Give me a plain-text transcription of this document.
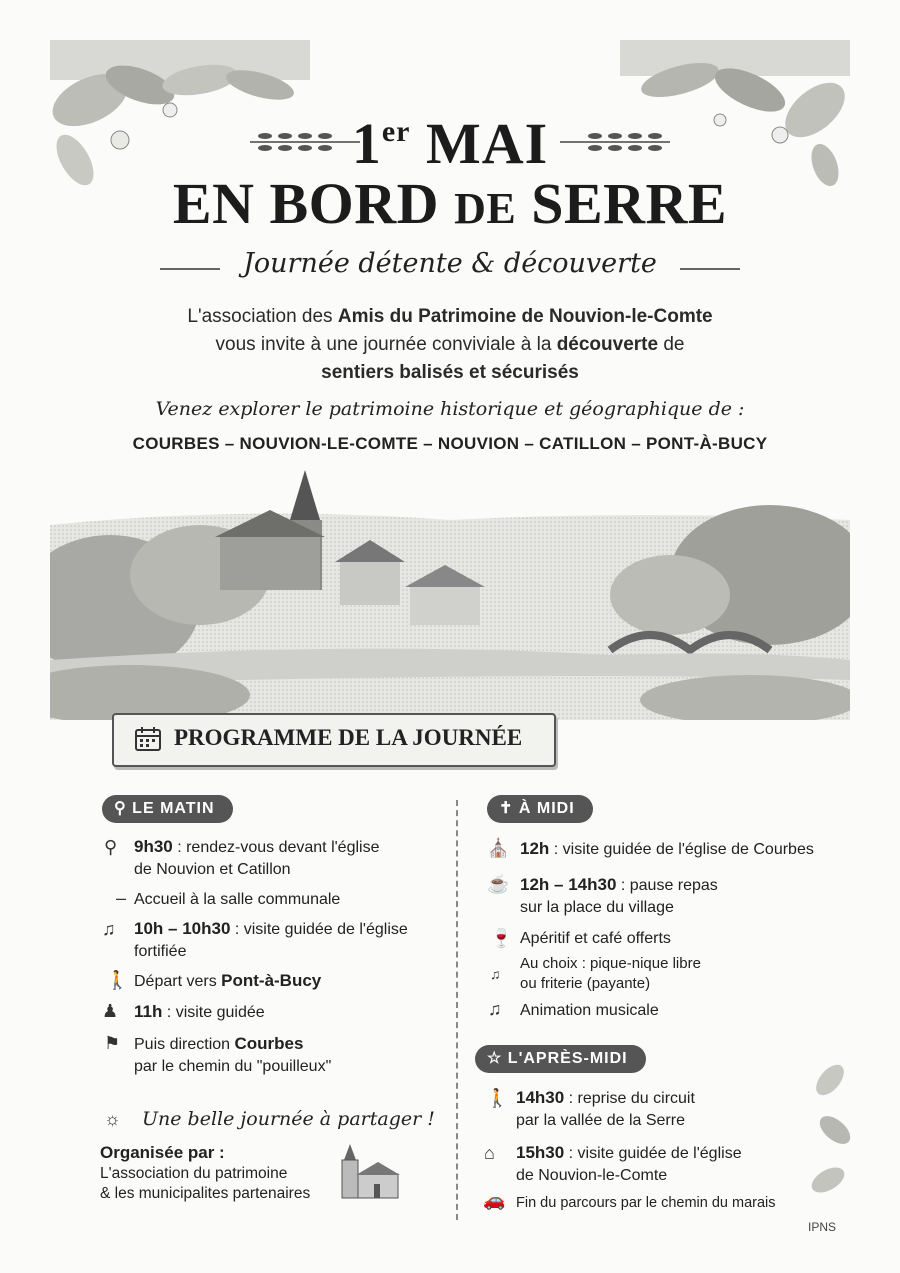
1er MAI
EN BORD DE SERRE
Journée détente & découverte
L'association des Amis du Patrimoine de Nouvion-le-Comte
vous invite à une journée conviviale à la découverte de
sentiers balisés et sécurisés
Venez explorer le patrimoine historique et géographique de :
COURBES – NOUVION-LE-COMTE – NOUVION – CATILLON – PONT-À-BUCY
PROGRAMME DE LA JOURNÉE
⚲ LE MATIN
⚲ 9h30 : rendez-vous devant l'église
de Nouvion et Catillon
– Accueil à la salle communale
♫ 10h – 10h30 : visite guidée de l'église
fortifiée
🚶 Départ vers Pont-à-Bucy
♟ 11h : visite guidée
⚑ Puis direction Courbes
par le chemin du "pouilleux"
☼ Une belle journée à partager !
Organisée par :
L'association du patrimoine
& les municipalites partenaires
✝ À MIDI
⛪ 12h : visite guidée de l'église de Courbes
☕ 12h – 14h30 : pause repas
sur la place du village
🍷 Apéritif et café offerts
♫
Au choix : pique-nique libre
ou friterie (payante)
♫ Animation musicale
☆ L'APRÈS-MIDI
🚶 14h30 : reprise du circuit
par la vallée de la Serre
⌂ 15h30 : visite guidée de l'église
de Nouvion-le-Comte
🚗 Fin du parcours par le chemin du marais
IPNS
